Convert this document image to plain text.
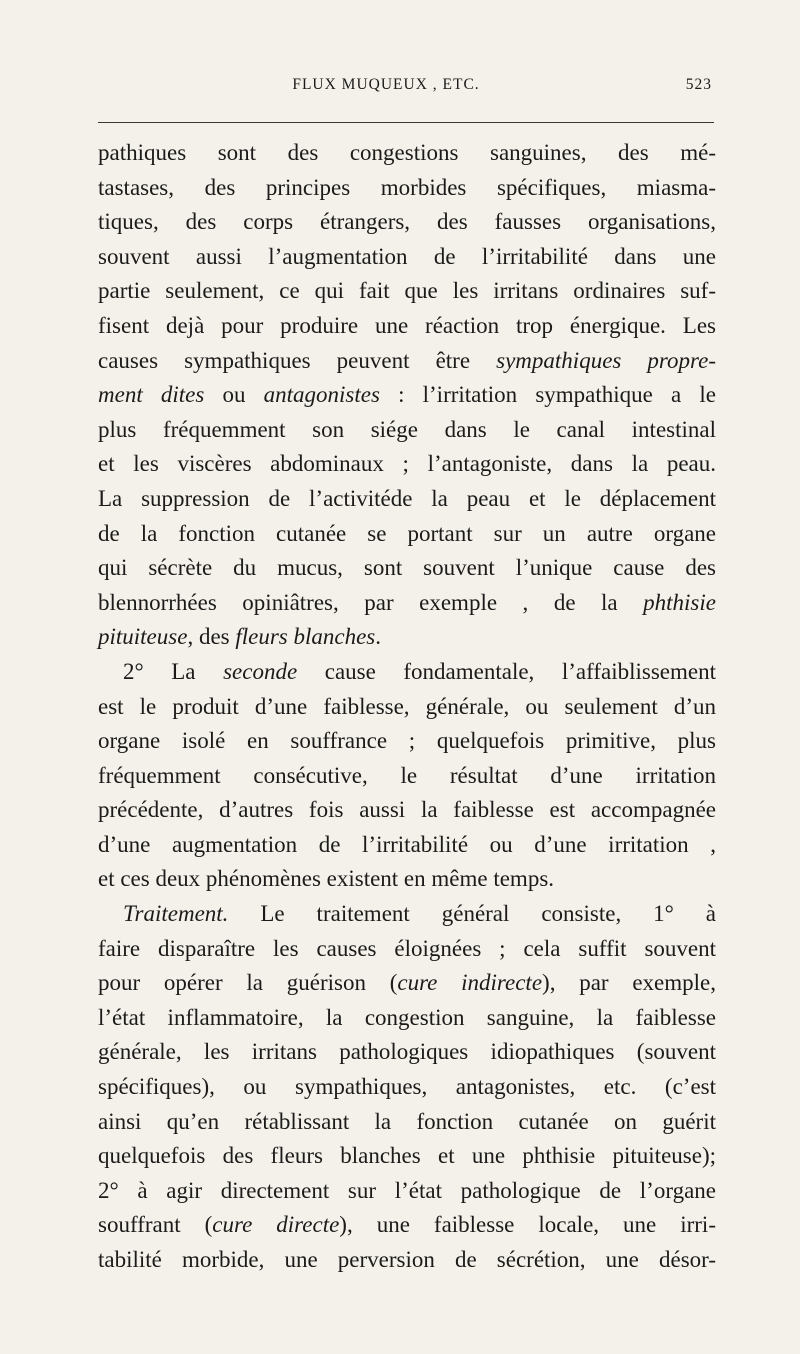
FLUX MUQUEUX , ETC.	523

pathiques sont des congestions sanguines, des mé-
tastases, des principes morbides spécifiques, miasma-
tiques, des corps étrangers, des fausses organisations,
souvent aussi l’augmentation de l’irritabilité dans une
partie seulement, ce qui fait que les irritans ordinaires suf-
fisent dejà pour produire une réaction trop énergique. Les
causes sympathiques peuvent être sympathiques propre-
ment dites ou antagonistes : l’irritation sympathique a le
plus fréquemment son siége dans le canal intestinal
et les viscères abdominaux ; l’antagoniste, dans la peau.
La suppression de l’activitéde la peau et le déplacement
de la fonction cutanée se portant sur un autre organe
qui sécrète du mucus, sont souvent l’unique cause des
blennorrhées opiniâtres, par exemple , de la phthisie
pituiteuse, des fleurs blanches.

2° La seconde cause fondamentale, l’affaiblissement
est le produit d’une faiblesse, générale, ou seulement d’un
organe isolé en souffrance ; quelquefois primitive, plus
fréquemment consécutive, le résultat d’une irritation
précédente, d’autres fois aussi la faiblesse est accompagnée
d’une augmentation de l’irritabilité ou d’une irritation ,
et ces deux phénomènes existent en même temps.

Traitement. Le traitement général consiste, 1° à
faire disparaître les causes éloignées ; cela suffit souvent
pour opérer la guérison (cure indirecte), par exemple,
l’état inflammatoire, la congestion sanguine, la faiblesse
générale, les irritans pathologiques idiopathiques (souvent
spécifiques), ou sympathiques, antagonistes, etc. (c’est
ainsi qu’en rétablissant la fonction cutanée on guérit
quelquefois des fleurs blanches et une phthisie pituiteuse);
2° à agir directement sur l’état pathologique de l’organe
souffrant (cure directe), une faiblesse locale, une irri-
tabilité morbide, une perversion de sécrétion, une désor-
